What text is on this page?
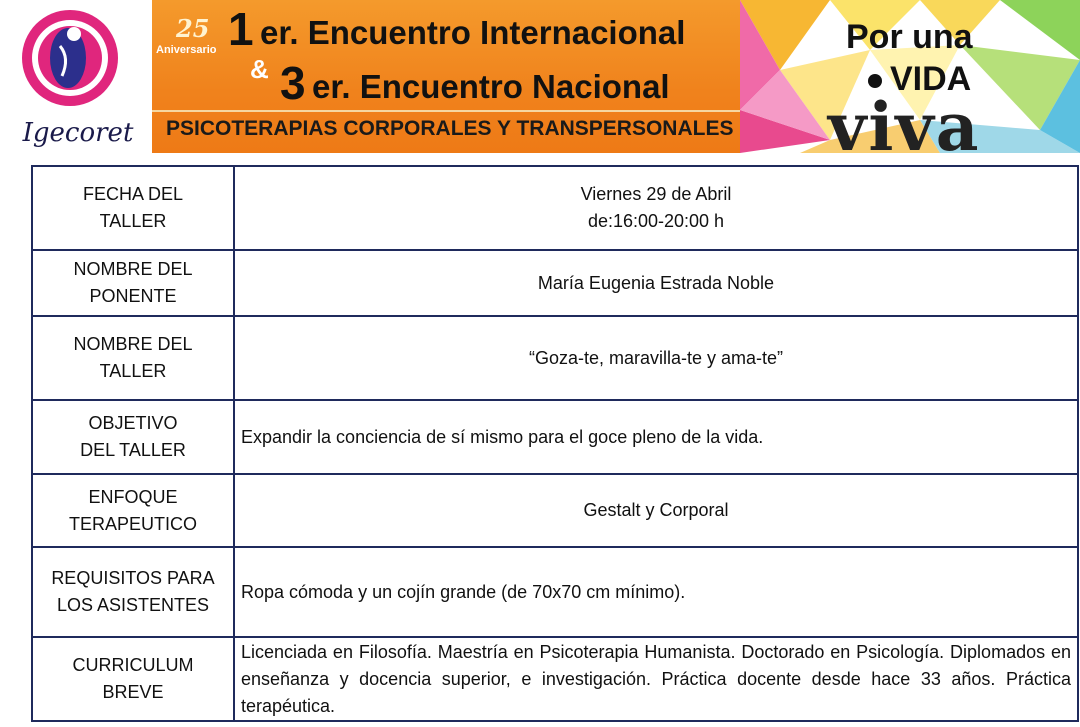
Igecoret
25
Aniversario 1 er. Encuentro Internacional
& 3 er. Encuentro Nacional
PSICOTERAPIAS CORPORALES Y TRANSPERSONALES
Por una
VIDA
viva
FECHA DEL
TALLER	Viernes 29 de Abril
de:16:00-20:00 h
NOMBRE DEL
PONENTE	María Eugenia Estrada Noble
NOMBRE DEL
TALLER	“Goza-te, maravilla-te y ama-te”
OBJETIVO
DEL TALLER	Expandir la conciencia de sí mismo para el goce pleno de la vida.
ENFOQUE
TERAPEUTICO	Gestalt y Corporal
REQUISITOS PARA
LOS ASISTENTES	Ropa cómoda y un cojín grande (de 70x70 cm mínimo).
CURRICULUM
BREVE	Licenciada en Filosofía. Maestría en Psicoterapia Humanista. Doctorado en Psicología. Diplomados en enseñanza y docencia superior, e investigación. Práctica docente desde hace 33 años. Práctica terapéutica.
